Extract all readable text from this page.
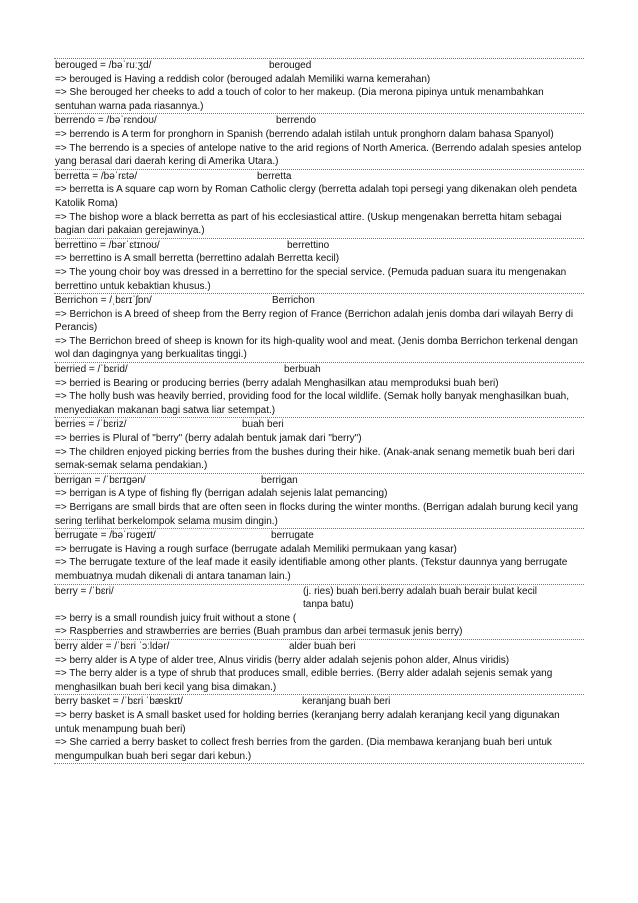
berouged = /bəˈruːʒd/	berouged
=> berouged is Having a reddish color (berouged adalah Memiliki warna kemerahan)
=> She berouged her cheeks to add a touch of color to her makeup. (Dia merona pipinya untuk menambahkan sentuhan warna pada riasannya.)
berrendo = /bəˈrɛndoʊ/	berrendo
=> berrendo is A term for pronghorn in Spanish (berrendo adalah istilah untuk pronghorn dalam bahasa Spanyol)
=> The berrendo is a species of antelope native to the arid regions of North America. (Berrendo adalah spesies antelop yang berasal dari daerah kering di Amerika Utara.)
berretta = /bəˈrɛtə/	berretta
=> berretta is A square cap worn by Roman Catholic clergy (berretta adalah topi persegi yang dikenakan oleh pendeta Katolik Roma)
=> The bishop wore a black berretta as part of his ecclesiastical attire. (Uskup mengenakan berretta hitam sebagai bagian dari pakaian gerejawinya.)
berrettino = /bərˈɛtɪnoʊ/	berrettino
=> berrettino is A small berretta (berrettino adalah Berretta kecil)
=> The young choir boy was dressed in a berrettino for the special service. (Pemuda paduan suara itu mengenakan berrettino untuk kebaktian khusus.)
Berrichon = /ˌbɛrɪˈʃɒn/	Berrichon
=> Berrichon is A breed of sheep from the Berry region of France (Berrichon adalah jenis domba dari wilayah Berry di Perancis)
=> The Berrichon breed of sheep is known for its high-quality wool and meat. (Jenis domba Berrichon terkenal dengan wol dan dagingnya yang berkualitas tinggi.)
berried = /ˈbɛrid/	berbuah
=> berried is Bearing or producing berries (berry adalah Menghasilkan atau memproduksi buah beri)
=> The holly bush was heavily berried, providing food for the local wildlife. (Semak holly banyak menghasilkan buah, menyediakan makanan bagi satwa liar setempat.)
berries = /ˈbɛriz/	buah beri
=> berries is Plural of "berry" (berry adalah bentuk jamak dari "berry")
=> The children enjoyed picking berries from the bushes during their hike. (Anak-anak senang memetik buah beri dari semak-semak selama pendakian.)
berrigan = /ˈbɛrɪɡən/	berrigan
=> berrigan is A type of fishing fly (berrigan adalah sejenis lalat pemancing)
=> Berrigans are small birds that are often seen in flocks during the winter months. (Berrigan adalah burung kecil yang sering terlihat berkelompok selama musim dingin.)
berrugate = /bəˈrʊɡeɪt/	berrugate
=> berrugate is Having a rough surface (berrugate adalah Memiliki permukaan yang kasar)
=> The berrugate texture of the leaf made it easily identifiable among other plants. (Tekstur daunnya yang berrugate membuatnya mudah dikenali di antara tanaman lain.)
berry = /ˈbɛri/	(j. ries) buah beri.berry adalah buah berair bulat kecil tanpa batu)
=> berry is a small roundish juicy fruit without a stone (
=> Raspberries and strawberries are berries (Buah prambus dan arbei termasuk jenis berry)
berry alder = /ˈbɛri ˈɔːldər/	alder buah beri
=> berry alder is A type of alder tree, Alnus viridis (berry alder adalah sejenis pohon alder, Alnus viridis)
=> The berry alder is a type of shrub that produces small, edible berries. (Berry alder adalah sejenis semak yang menghasilkan buah beri kecil yang bisa dimakan.)
berry basket = /ˈbɛri ˈbæskɪt/	keranjang buah beri
=> berry basket is A small basket used for holding berries (keranjang berry adalah keranjang kecil yang digunakan untuk menampung buah beri)
=> She carried a berry basket to collect fresh berries from the garden. (Dia membawa keranjang buah beri untuk mengumpulkan buah beri segar dari kebun.)
